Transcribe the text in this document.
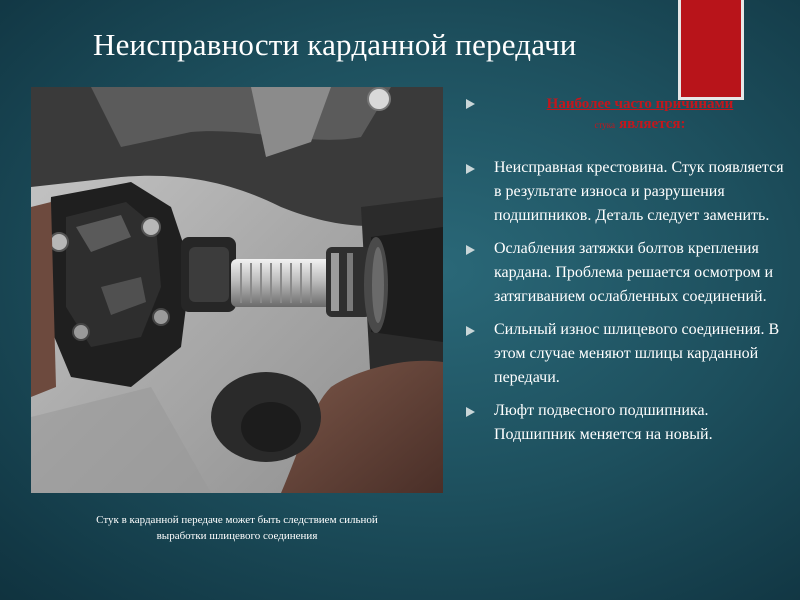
Неисправности карданной передачи
Стук в карданной передаче может быть следствием сильной
выработки шлицевого соединения
Наиболее часто причинами
стука является:

Неисправная крестовина. Стук появляется в результате износа и разрушения подшипников. Деталь следует заменить.

Ослабления затяжки болтов крепления кардана. Проблема решается осмотром и затягиванием ослабленных соединений.

Сильный износ шлицевого соединения. В этом случае меняют шлицы карданной передачи.

Люфт подвесного подшипника. Подшипник меняется на новый.
